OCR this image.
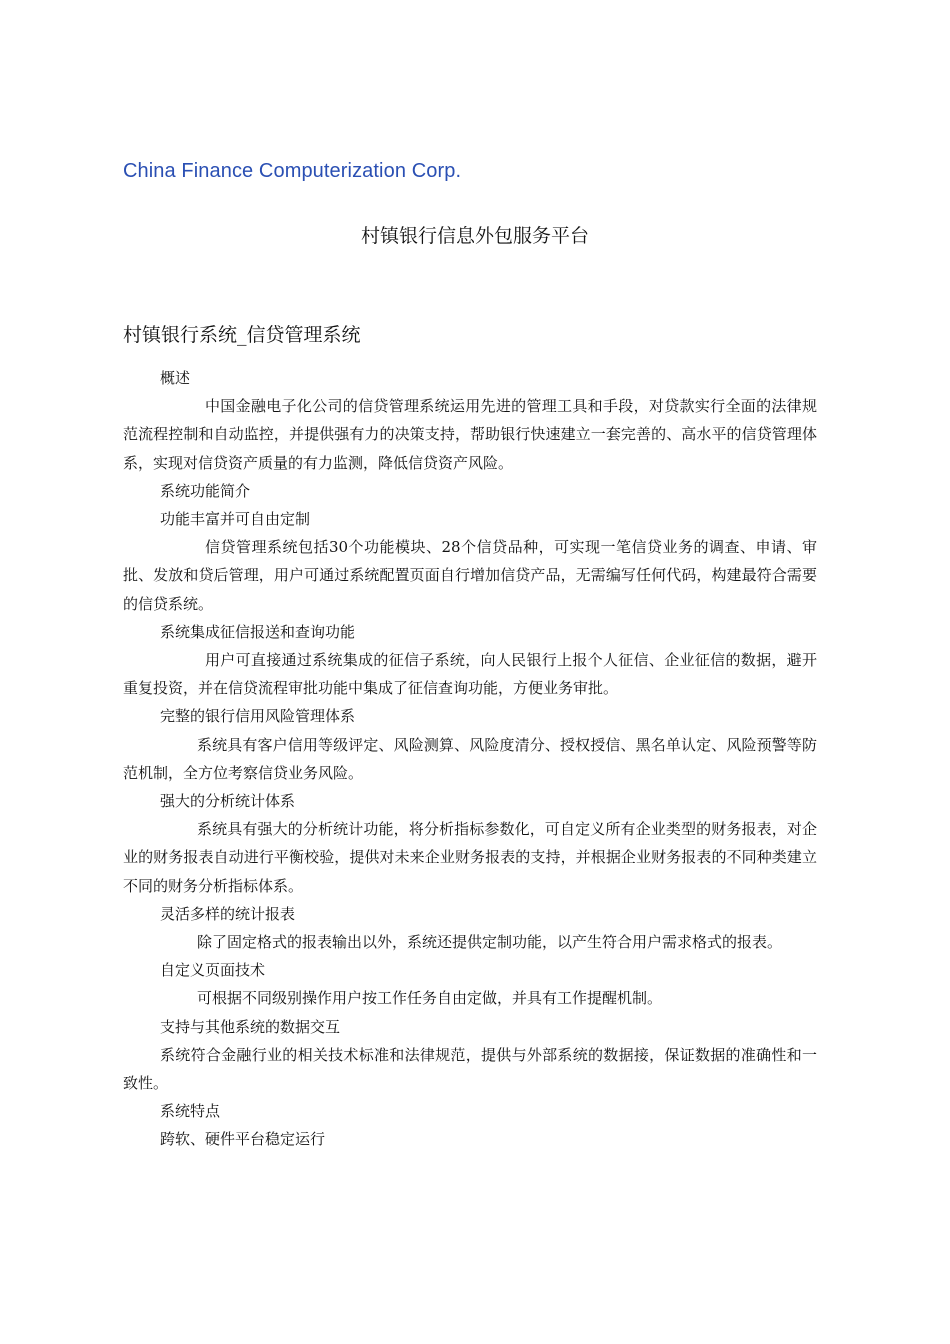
China Finance Computerization Corp.
村镇银行信息外包服务平台
村镇银行系统_信贷管理系统
概述
中国金融电子化公司的信贷管理系统运用先进的管理工具和手段，对贷款实行全面的法律规范流程控制和自动监控，并提供强有力的决策支持，帮助银行快速建立一套完善的、高水平的信贷管理体系，实现对信贷资产质量的有力监测，降低信贷资产风险。
系统功能简介
功能丰富并可自由定制
信贷管理系统包括30个功能模块、28个信贷品种，可实现一笔信贷业务的调查、申请、审批、发放和贷后管理，用户可通过系统配置页面自行增加信贷产品，无需编写任何代码，构建最符合需要的信贷系统。
系统集成征信报送和查询功能
用户可直接通过系统集成的征信子系统，向人民银行上报个人征信、企业征信的数据，避开重复投资，并在信贷流程审批功能中集成了征信查询功能，方便业务审批。
完整的银行信用风险管理体系
系统具有客户信用等级评定、风险测算、风险度清分、授权授信、黑名单认定、风险预警等防范机制，全方位考察信贷业务风险。
强大的分析统计体系
系统具有强大的分析统计功能，将分析指标参数化，可自定义所有企业类型的财务报表，对企业的财务报表自动进行平衡校验，提供对未来企业财务报表的支持，并根据企业财务报表的不同种类建立不同的财务分析指标体系。
灵活多样的统计报表
除了固定格式的报表输出以外，系统还提供定制功能，以产生符合用户需求格式的报表。
自定义页面技术
可根据不同级别操作用户按工作任务自由定做，并具有工作提醒机制。
支持与其他系统的数据交互
系统符合金融行业的相关技术标准和法律规范，提供与外部系统的数据接，保证数据的准确性和一致性。
系统特点
跨软、硬件平台稳定运行
